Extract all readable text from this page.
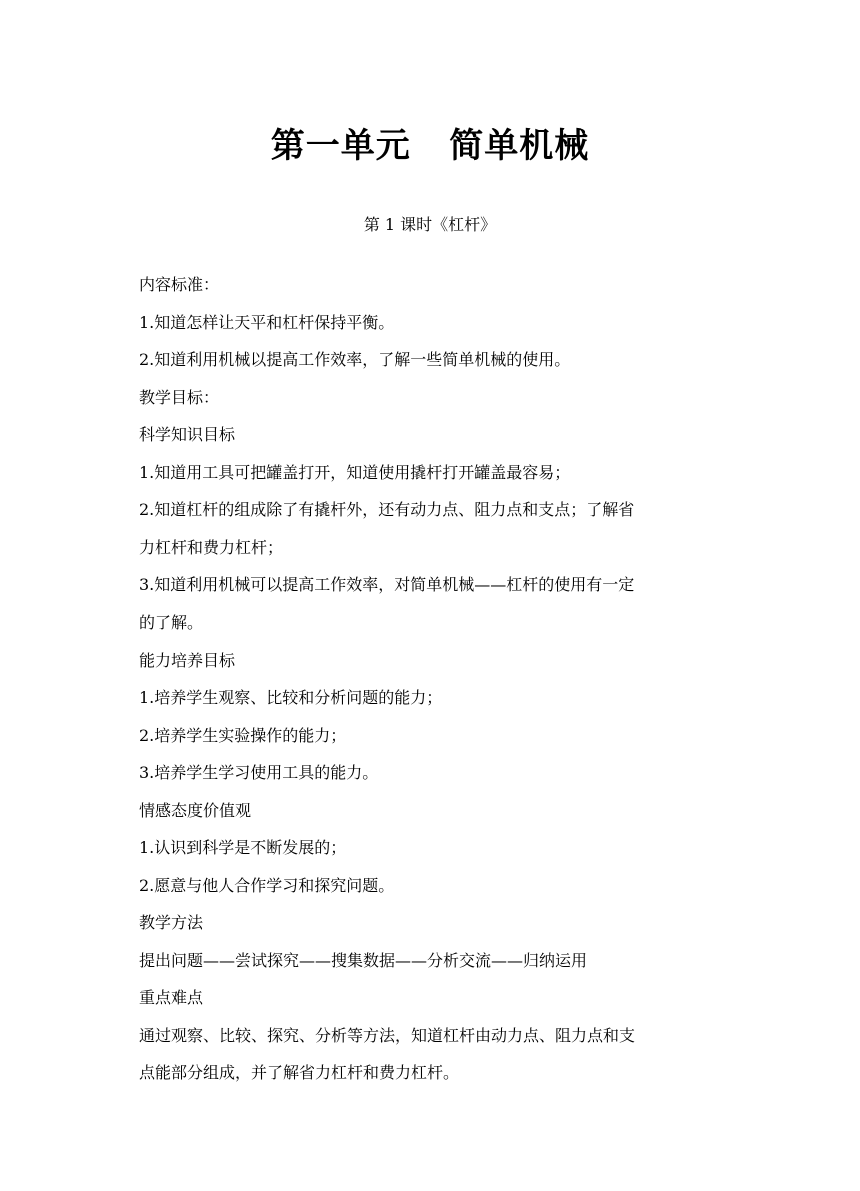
第一单元   简单机械
第 1 课时《杠杆》
内容标准：
1.知道怎样让天平和杠杆保持平衡。
2.知道利用机械以提高工作效率，了解一些简单机械的使用。
教学目标：
科学知识目标
1.知道用工具可把罐盖打开，知道使用撬杆打开罐盖最容易；
2.知道杠杆的组成除了有撬杆外，还有动力点、阻力点和支点；了解省
力杠杆和费力杠杆；
3.知道利用机械可以提高工作效率，对简单机械——杠杆的使用有一定
的了解。
能力培养目标
1.培养学生观察、比较和分析问题的能力；
2.培养学生实验操作的能力；
3.培养学生学习使用工具的能力。
情感态度价值观
1.认识到科学是不断发展的；
2.愿意与他人合作学习和探究问题。
教学方法
提出问题——尝试探究——搜集数据——分析交流——归纳运用
重点难点
通过观察、比较、探究、分析等方法，知道杠杆由动力点、阻力点和支
点能部分组成，并了解省力杠杆和费力杠杆。
